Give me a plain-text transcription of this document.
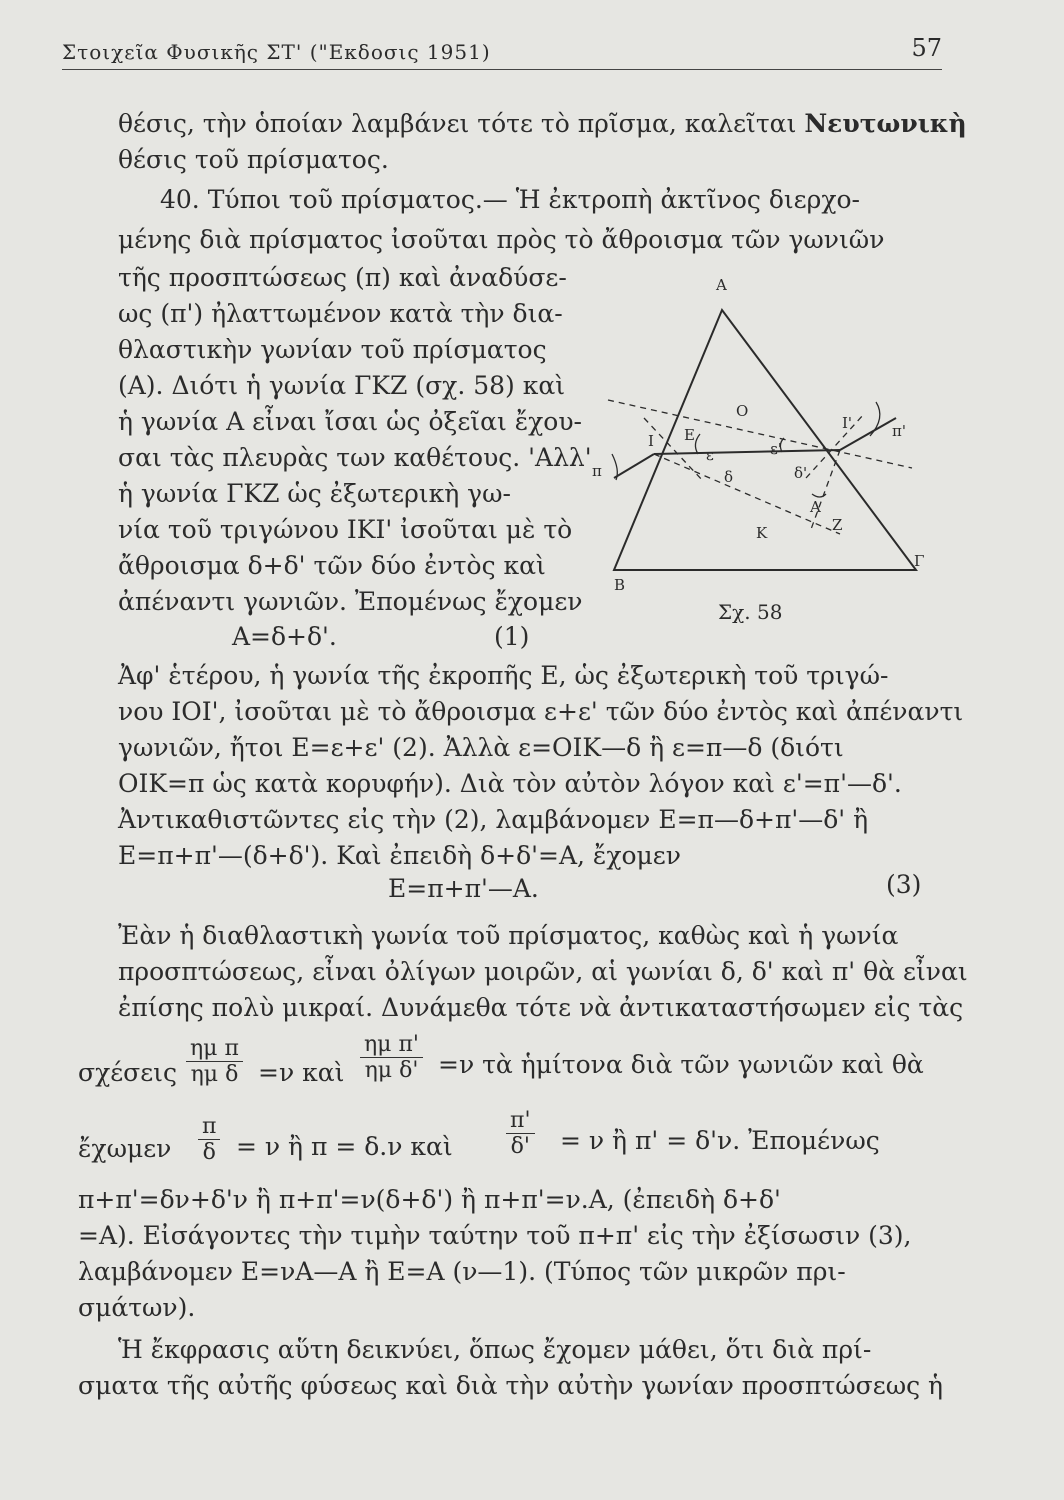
Στοιχεῖα Φυσικῆς ΣΤ' ("Εκδοσις 1951)	57
θέσις, τὴν ὁποίαν λαμβάνει τότε τὸ πρῖσμα, καλεῖται Νευτωνικὴ
θέσις τοῦ πρίσματος.
40. Τύποι τοῦ πρίσματος.— Ἡ ἐκτροπὴ ἀκτῖνος διερχο-
μένης διὰ πρίσματος ἰσοῦται πρὸς τὸ ἄθροισμα τῶν γωνιῶν
τῆς προσπτώσεως (π) καὶ ἀναδύσε-
ως (π') ἠλαττωμένον κατὰ τὴν δια-
θλαστικὴν γωνίαν τοῦ πρίσματος
(Α). Διότι ἡ γωνία ΓΚΖ (σχ. 58) καὶ
ἡ γωνία Α εἶναι ἴσαι ὡς ὀξεῖαι ἔχου-
σαι τὰς πλευρὰς των καθέτους. 'Αλλ'
ἡ γωνία ΓΚΖ ὡς ἐξωτερικὴ γω-
νία τοῦ τριγώνου ΙΚΙ' ἰσοῦται μὲ τὸ
ἄθροισμα δ+δ' τῶν δύο ἐντὸς καὶ
ἀπέναντι γωνιῶν. Ἐπομένως ἔχομεν
Α=δ+δ'.	(1)
Ἀφ' ἑτέρου, ἡ γωνία τῆς ἐκροπῆς Ε, ὡς ἐξωτερικὴ τοῦ τριγώ-
νου ΙΟΙ', ἰσοῦται μὲ τὸ ἄθροισμα ε+ε' τῶν δύο ἐντὸς καὶ ἀπέναντι
γωνιῶν, ἤτοι Ε=ε+ε' (2). Ἀλλὰ ε=ΟΙΚ—δ ἢ ε=π—δ (διότι
ΟΙΚ=π ὡς κατὰ κορυφήν). Διὰ τὸν αὐτὸν λόγον καὶ ε'=π'—δ'.
Ἀντικαθιστῶντες εἰς τὴν (2), λαμβάνομεν Ε=π—δ+π'—δ' ἢ
Ε=π+π'—(δ+δ'). Καὶ ἐπειδὴ δ+δ'=Α, ἔχομεν
Ε=π+π'—Α.	(3)
Ἐὰν ἡ διαθλαστικὴ γωνία τοῦ πρίσματος, καθὼς καὶ ἡ γωνία
προσπτώσεως, εἶναι ὀλίγων μοιρῶν, αἱ γωνίαι δ, δ' καὶ π' θὰ εἶναι
ἐπίσης πολὺ μικραί. Δυνάμεθα τότε νὰ ἀντικαταστήσωμεν εἰς τὰς
σχέσεις $\frac{\text{ημ π}}{\text{ημ δ}} =\nu$ καὶ $\frac{\text{ημ π'}}{\text{ημ δ'}} =\nu$ τὰ ἡμίτονα διὰ τῶν γωνιῶν καὶ θὰ
ἔχωμεν $\frac{\pi}{\delta} = \nu$ ἢ π = δ.ν καὶ $\frac{\pi'}{\delta'} = \nu$ ἢ π' = δ'ν. Ἐπομένως
π+π'=δν+δ'ν ἢ π+π'=ν(δ+δ') ἢ π+π'=ν.Α, (ἐπειδὴ δ+δ'
=Α). Εἰσάγοντες τὴν τιμὴν ταύτην τοῦ π+π' εἰς τὴν ἐξίσωσιν (3),
λαμβάνομεν Ε=νΑ—Α ἢ Ε=Α (ν—1). (Τύπος τῶν μικρῶν πρι-
σμάτων).
Ἡ ἔκφρασις αὕτη δεικνύει, ὅπως ἔχομεν μάθει, ὅτι διὰ πρί-
σματα τῆς αὐτῆς φύσεως καὶ διὰ τὴν αὐτὴν γωνίαν προσπτώσεως ἡ
Α
Β
Γ
Ι
Ι'
Ο
Κ	Ζ
π
π'
Ε
ε	ε'
δ	δ'
Α
Σχ. 58
